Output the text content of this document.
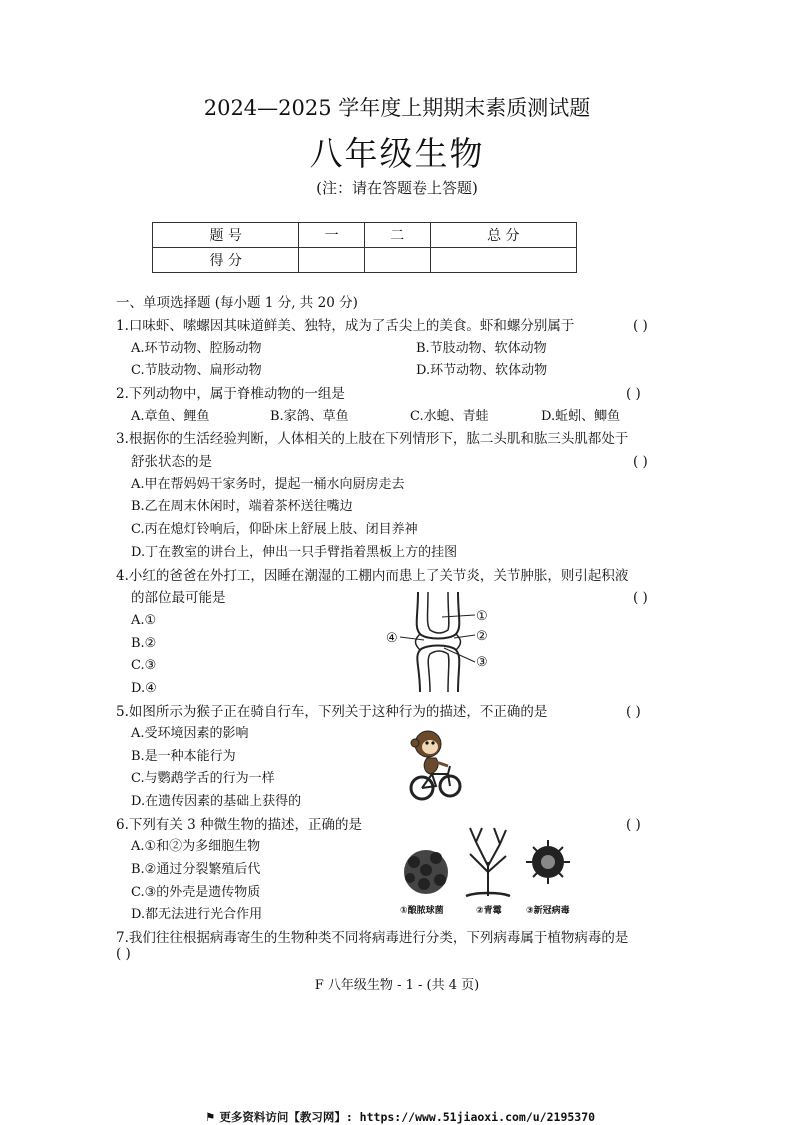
2024—2025 学年度上期期末素质测试题
八年级生物
(注：请在答题卷上答题)
题 号	一	二	总 分
得 分			
一、单项选择题 (每小题 1 分, 共 20 分)
1.口味虾、嗦螺因其味道鲜美、独特，成为了舌尖上的美食。虾和螺分别属于	( )
A.环节动物、腔肠动物	B.节肢动物、软体动物
C.节肢动物、扁形动物	D.环节动物、软体动物
2.下列动物中，属于脊椎动物的一组是	( )
A.章鱼、鲤鱼	B.家鸽、草鱼	C.水螅、青蛙	D.蚯蚓、鲫鱼
3.根据你的生活经验判断，人体相关的上肢在下列情形下，肱二头肌和肱三头肌都处于
舒张状态的是	( )
A.甲在帮妈妈干家务时，提起一桶水向厨房走去
B.乙在周末休闲时，端着茶杯送往嘴边
C.丙在熄灯铃响后，仰卧床上舒展上肢、闭目养神
D.丁在教室的讲台上，伸出一只手臂指着黑板上方的挂图
4.小红的爸爸在外打工，因睡在潮湿的工棚内而患上了关节炎，关节肿胀，则引起积液
的部位最可能是	( )
A.①
B.②
C.③
D.④
①
②
③
④
5.如图所示为猴子正在骑自行车，下列关于这种行为的描述，不正确的是	( )
A.受环境因素的影响
B.是一种本能行为
C.与鹦鹉学舌的行为一样
D.在遗传因素的基础上获得的
6.下列有关 3 种微生物的描述，正确的是	( )
A.①和②为多细胞生物
B.②通过分裂繁殖后代
C.③的外壳是遗传物质
D.都无法进行光合作用	①酿脓球菌	②青霉	③新冠病毒
7.我们往往根据病毒寄生的生物种类不同将病毒进行分类，下列病毒属于植物病毒的是
( )
F 八年级生物 - 1 - (共 4 页)
⚑ 更多资料访问【教习网】: https://www.51jiaoxi.com/u/2195370
